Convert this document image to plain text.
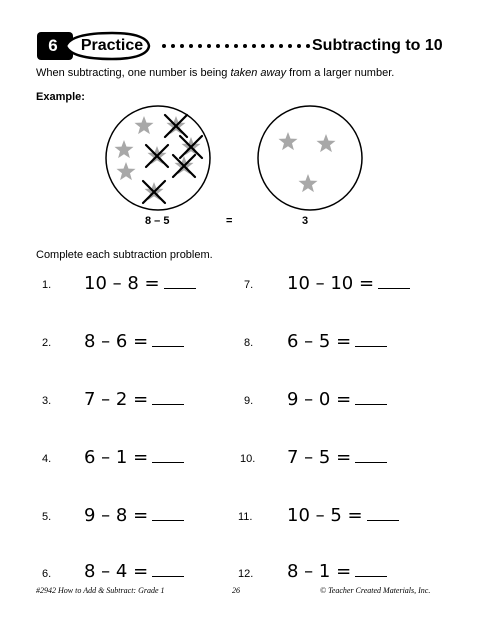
6	Practice	Subtracting to 10
When subtracting, one number is being taken away from a larger number.
Example:
8 – 5	=	3
Complete each subtraction problem.
1. 10 – 8 =
2. 8 – 6 =
3. 7 – 2 =
4. 6 – 1 =
5. 9 – 8 =
6. 8 – 4 =
7. 10 – 10 =
8. 6 – 5 =
9. 9 – 0 =
10. 7 – 5 =
11. 10 – 5 =
12. 8 – 1 =
#2942 How to Add & Subtract: Grade 1	26	© Teacher Created Materials, Inc.
